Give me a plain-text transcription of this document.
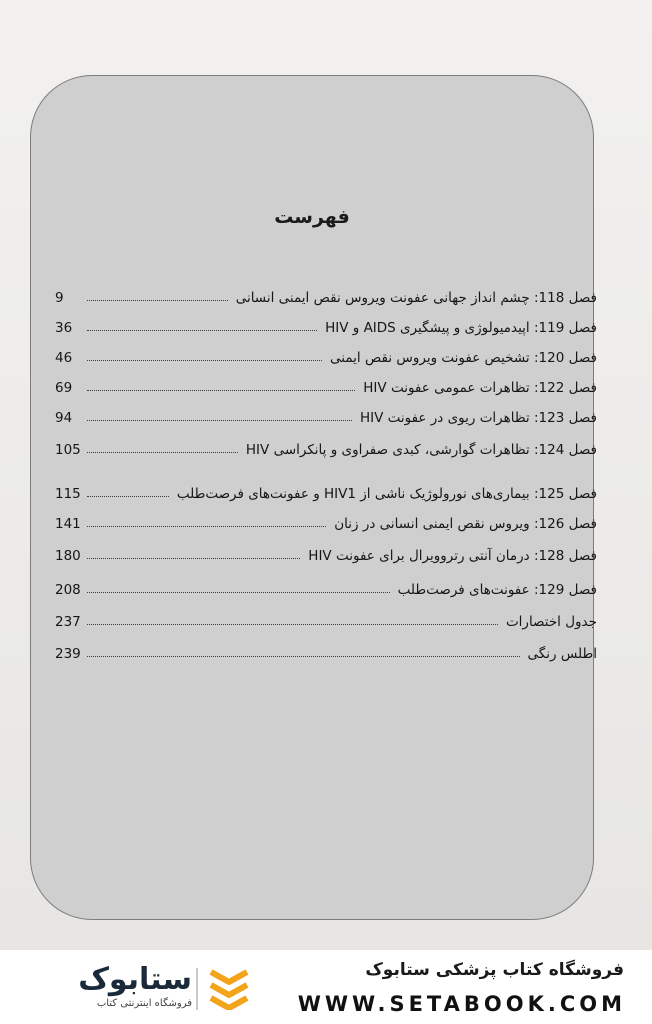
فهرست
فصل 118: چشم انداز جهانی عفونت ویروس نقص ایمنی انسانی
9
فصل 119: اپیدمیولوژی و پیشگیری AIDS و HIV
36
فصل 120: تشخیص عفونت ویروس نقص ایمنی
46
فصل 122: تظاهرات عمومی عفونت HIV
69
فصل 123: تظاهرات ریوی در عفونت HIV
94
فصل 124: تظاهرات گوارشی، کبدی صفراوی و پانکراسی HIV
105
فصل 125: بیماری‌های نورولوژیک ناشی از HIV1 و عفونت‌های فرصت‌طلب
115
فصل 126: ویروس نقص ایمنی انسانی در زنان
141
فصل 128: درمان آنتی رتروویرال برای عفونت HIV
180
فصل 129: عفونت‌های فرصت‌طلب
208
جدول اختصارات
237
اطلس رنگی
239
ستابوک
فروشگاه اینترنتی کتاب
فروشگاه کتاب پزشکی ستابوک
WWW.SETABOOK.COM
